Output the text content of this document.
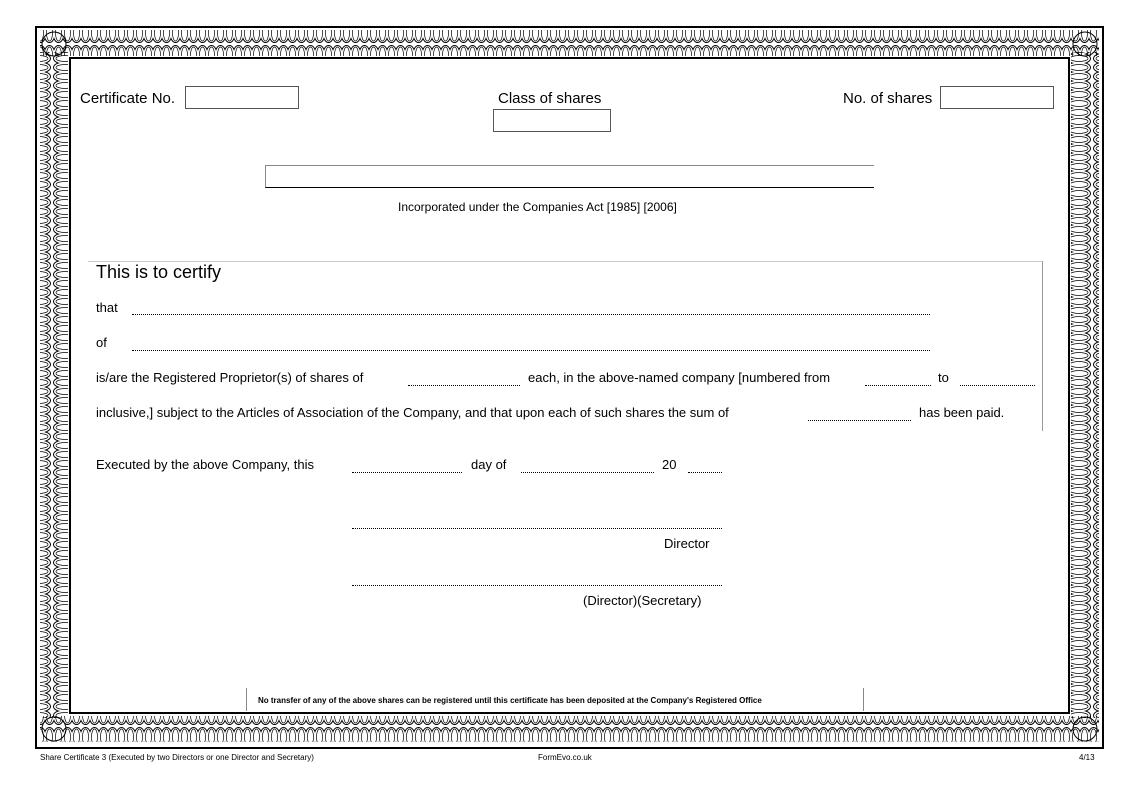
Certificate No.	Class of shares	No. of shares
Incorporated under the Companies Act [1985] [2006]
This is to certify
that
of
is/are the Registered Proprietor(s) of shares of	each, in the above-named company [numbered from	to
inclusive,] subject to the Articles of Association of the Company, and that upon each of such shares the sum of	has been paid.
Executed by the above Company, this	day of	20
Director
(Director)(Secretary)
No transfer of any of the above shares can be registered until this certificate has been deposited at the Company's Registered Office
Share Certificate 3 (Executed by two Directors or one Director and Secretary)	FormEvo.co.uk	4/13
